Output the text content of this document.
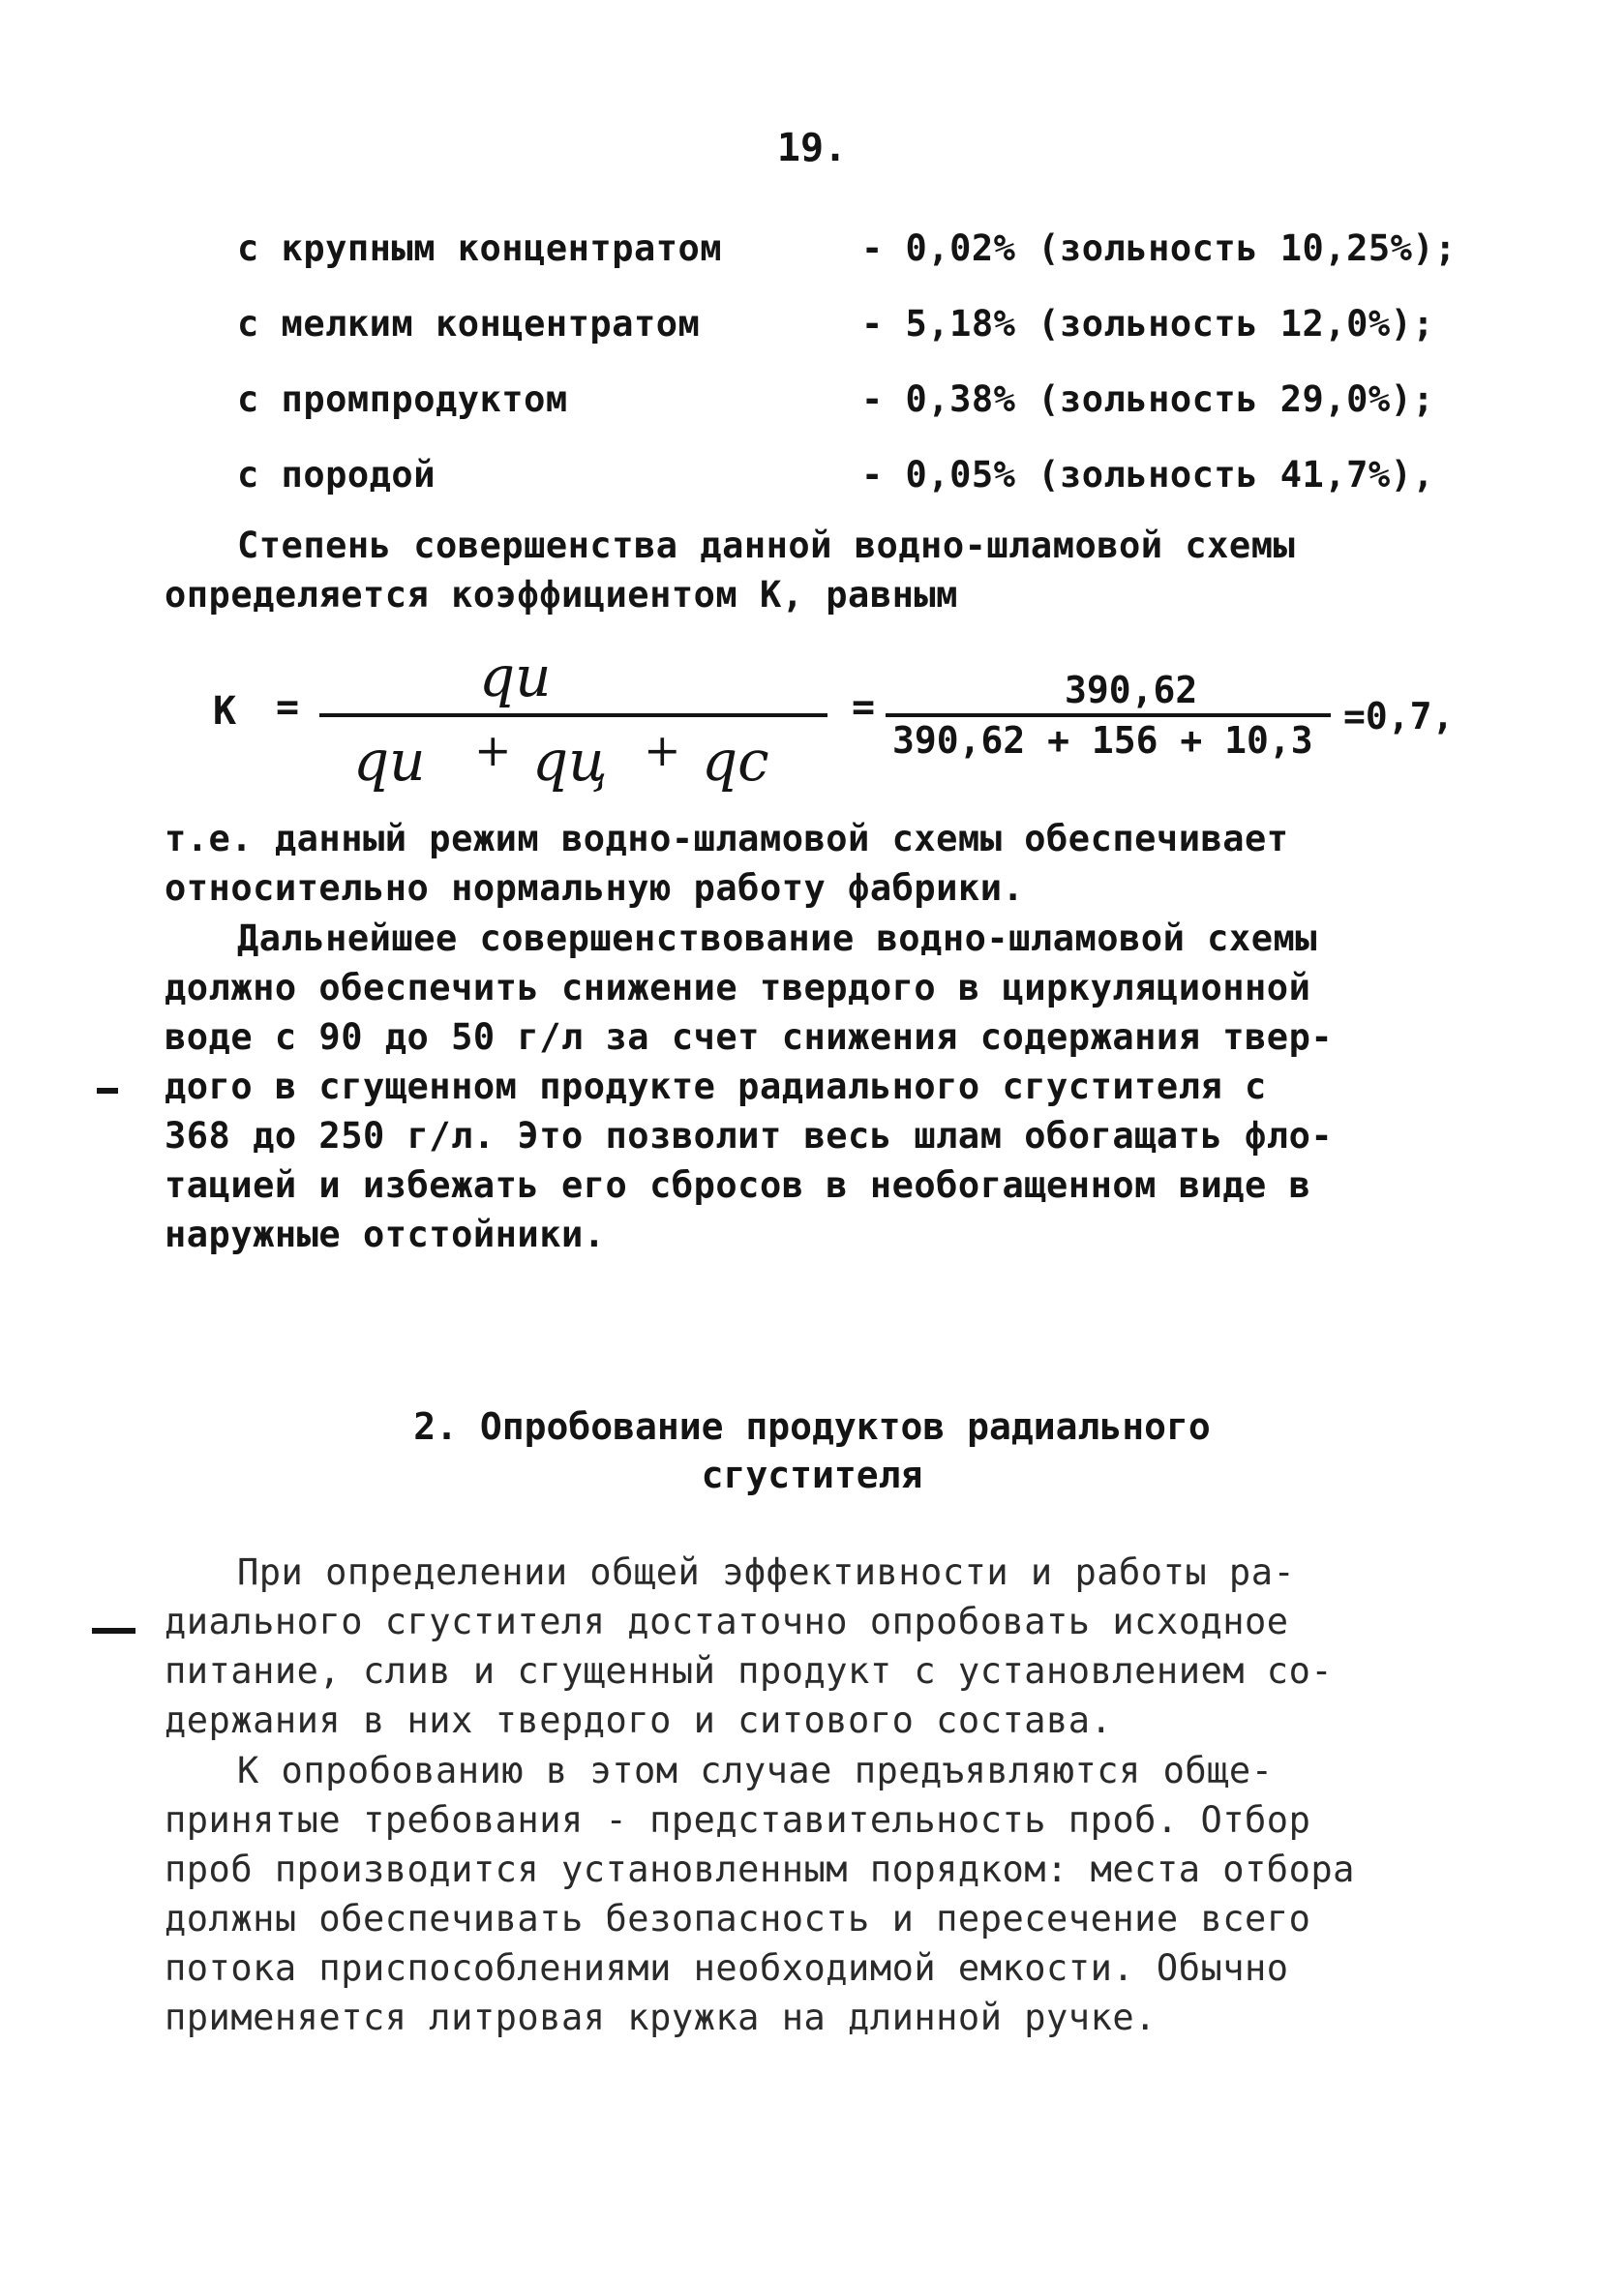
19.
с крупным концентратом	- 0,02% (зольность 10,25%);
с мелким концентратом	- 5,18% (зольность 12,0%);
с промпродуктом	- 0,38% (зольность 29,0%);
с породой	- 0,05% (зольность 41,7%),
Степень совершенства данной водно-шламовой схемы
определяется коэффициентом К, равным
К =	qи
qи + qц + qс
=	390,62
390,62 + 156 + 10,3
=0,7,
т.е. данный режим водно-шламовой схемы обеспечивает
относительно нормальную работу фабрики.
Дальнейшее совершенствование водно-шламовой схемы
должно обеспечить снижение твердого в циркуляционной
воде с 90 до 50 г/л за счет снижения содержания твер-
дого в сгущенном продукте радиального сгустителя с
368 до 250 г/л. Это позволит весь шлам обогащать фло-
тацией и избежать его сбросов в необогащенном виде в
наружные отстойники.
2. Опробование продуктов радиального
сгустителя
При определении общей эффективности и работы ра-
диального сгустителя достаточно опробовать исходное
питание, слив и сгущенный продукт с установлением со-
держания в них твердого и ситового состава.
К опробованию в этом случае предъявляются обще-
принятые требования - представительность проб. Отбор
проб производится установленным порядком: места отбора
должны обеспечивать безопасность и пересечение всего
потока приспособлениями необходимой емкости. Обычно
применяется литровая кружка на длинной ручке.
